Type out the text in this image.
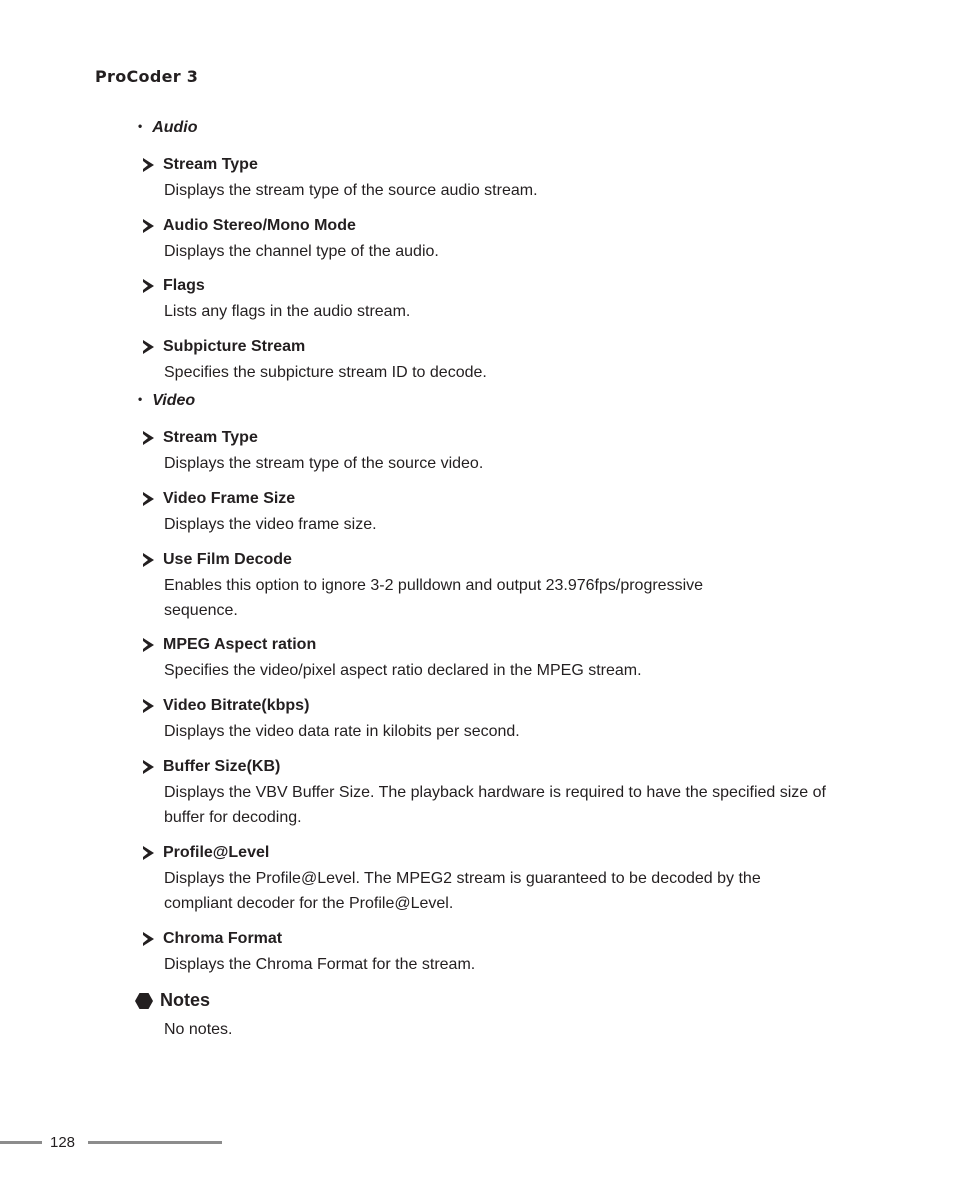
ProCoder 3
• Audio
Stream Type
Displays the stream type of the source audio stream.
Audio Stereo/Mono Mode
Displays the channel type of the audio.
Flags
Lists any flags in the audio stream.
Subpicture Stream
Specifies the subpicture stream ID to decode.
• Video
Stream Type
Displays the stream type of the source video.
Video Frame Size
Displays the video frame size.
Use Film Decode
Enables this option to ignore 3-2 pulldown and output 23.976fps/progressive sequence.
MPEG Aspect ration
Specifies the video/pixel aspect ratio declared in the MPEG stream.
Video Bitrate(kbps)
Displays the video data rate in kilobits per second.
Buffer Size(KB)
Displays the VBV Buffer Size. The playback hardware is required to have the specified size of buffer for decoding.
Profile@Level
Displays the Profile@Level. The MPEG2 stream is guaranteed to be decoded by the compliant decoder for the Profile@Level.
Chroma Format
Displays the Chroma Format for the stream.
Notes
No notes.
128
